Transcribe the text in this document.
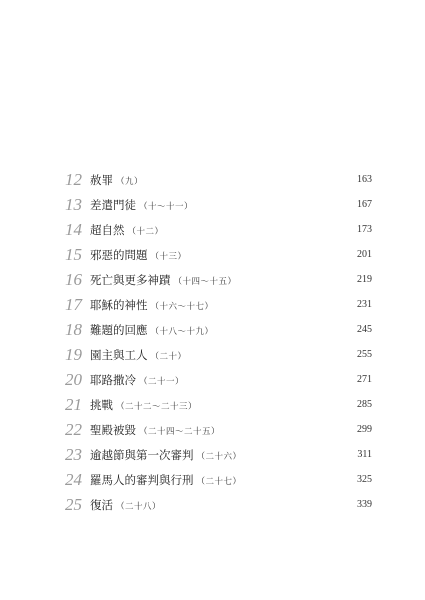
12 赦罪 （九）	163
13 差遣門徒 （十～十一）	167
14 超自然 （十二）	173
15 邪惡的問題 （十三）	201
16 死亡與更多神蹟 （十四～十五）	219
17 耶穌的神性 （十六～十七）	231
18 難題的回應 （十八～十九）	245
19 園主與工人 （二十）	255
20 耶路撒冷 （二十一）	271
21 挑戰 （二十二～二十三）	285
22 聖殿被毀 （二十四～二十五）	299
23 逾越節與第一次審判 （二十六）	311
24 羅馬人的審判與行刑 （二十七）	325
25 復活 （二十八）	339
